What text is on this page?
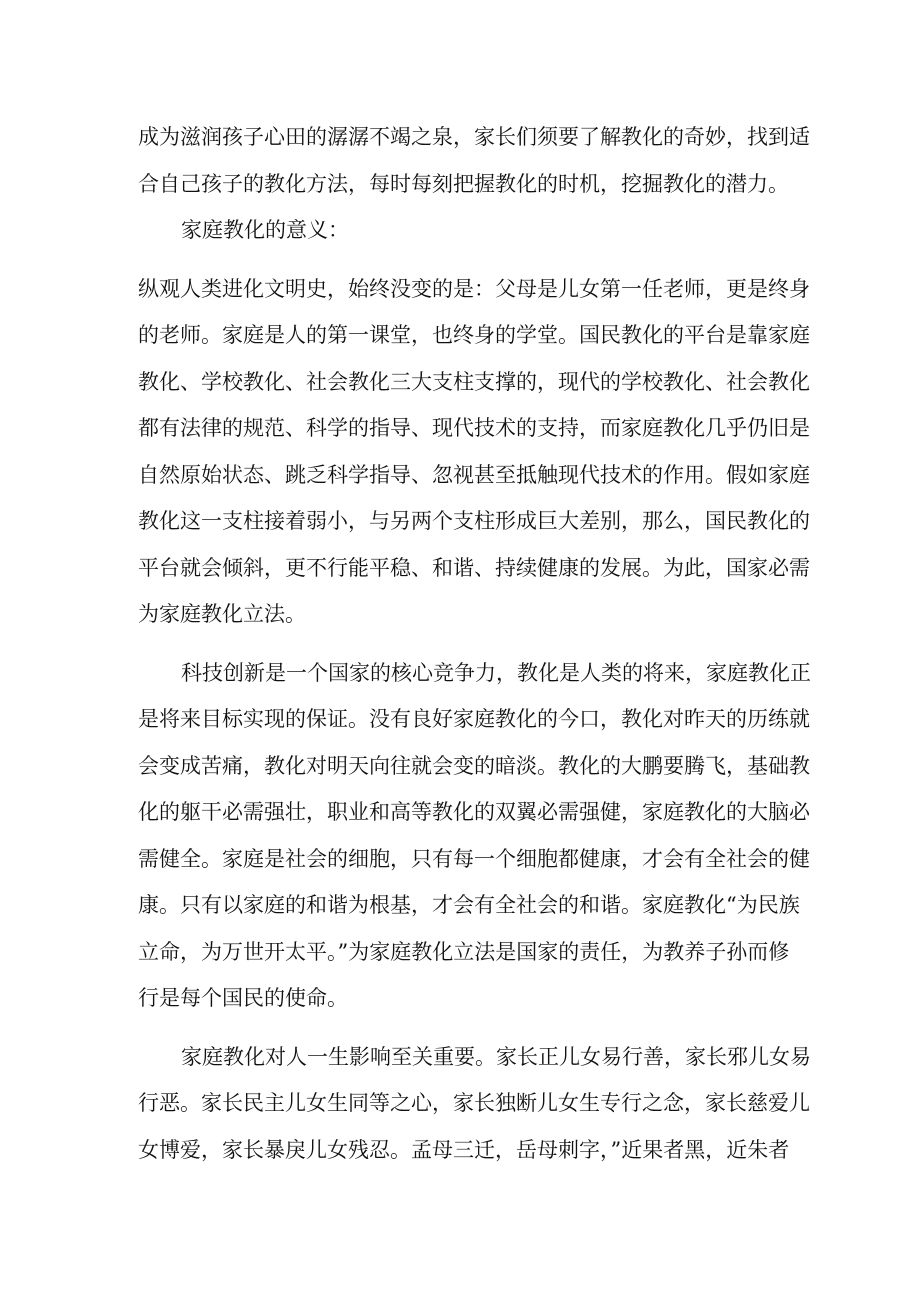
成为滋润孩子心田的潺潺不竭之泉，家长们须要了解教化的奇妙，找到适
合自己孩子的教化方法，每时每刻把握教化的时机，挖掘教化的潜力。
家庭教化的意义：
纵观人类进化文明史，始终没变的是：父母是儿女第一任老师，更是终身
的老师。家庭是人的第一课堂，也终身的学堂。国民教化的平台是靠家庭
教化、学校教化、社会教化三大支柱支撑的，现代的学校教化、社会教化
都有法律的规范、科学的指导、现代技术的支持，而家庭教化几乎仍旧是
自然原始状态、跳乏科学指导、忽视甚至抵触现代技术的作用。假如家庭
教化这一支柱接着弱小，与另两个支柱形成巨大差别，那么，国民教化的
平台就会倾斜，更不行能平稳、和谐、持续健康的发展。为此，国家必需
为家庭教化立法。
科技创新是一个国家的核心竞争力，教化是人类的将来，家庭教化正
是将来目标实现的保证。没有良好家庭教化的今口，教化对昨天的历练就
会变成苦痛，教化对明天向往就会变的暗淡。教化的大鹏要腾飞，基础教
化的躯干必需强壮，职业和高等教化的双翼必需强健，家庭教化的大脑必
需健全。家庭是社会的细胞，只有每一个细胞都健康，才会有全社会的健
康。只有以家庭的和谐为根基，才会有全社会的和谐。家庭教化“为民族
立命，为万世开太平。”为家庭教化立法是国家的责任，为教养子孙而修
行是每个国民的使命。
家庭教化对人一生影响至关重要。家长正儿女易行善，家长邪儿女易
行恶。家长民主儿女生同等之心，家长独断儿女生专行之念，家长慈爱儿
女博爱，家长暴戾儿女残忍。孟母三迁，岳母刺字，”近果者黑，近朱者
